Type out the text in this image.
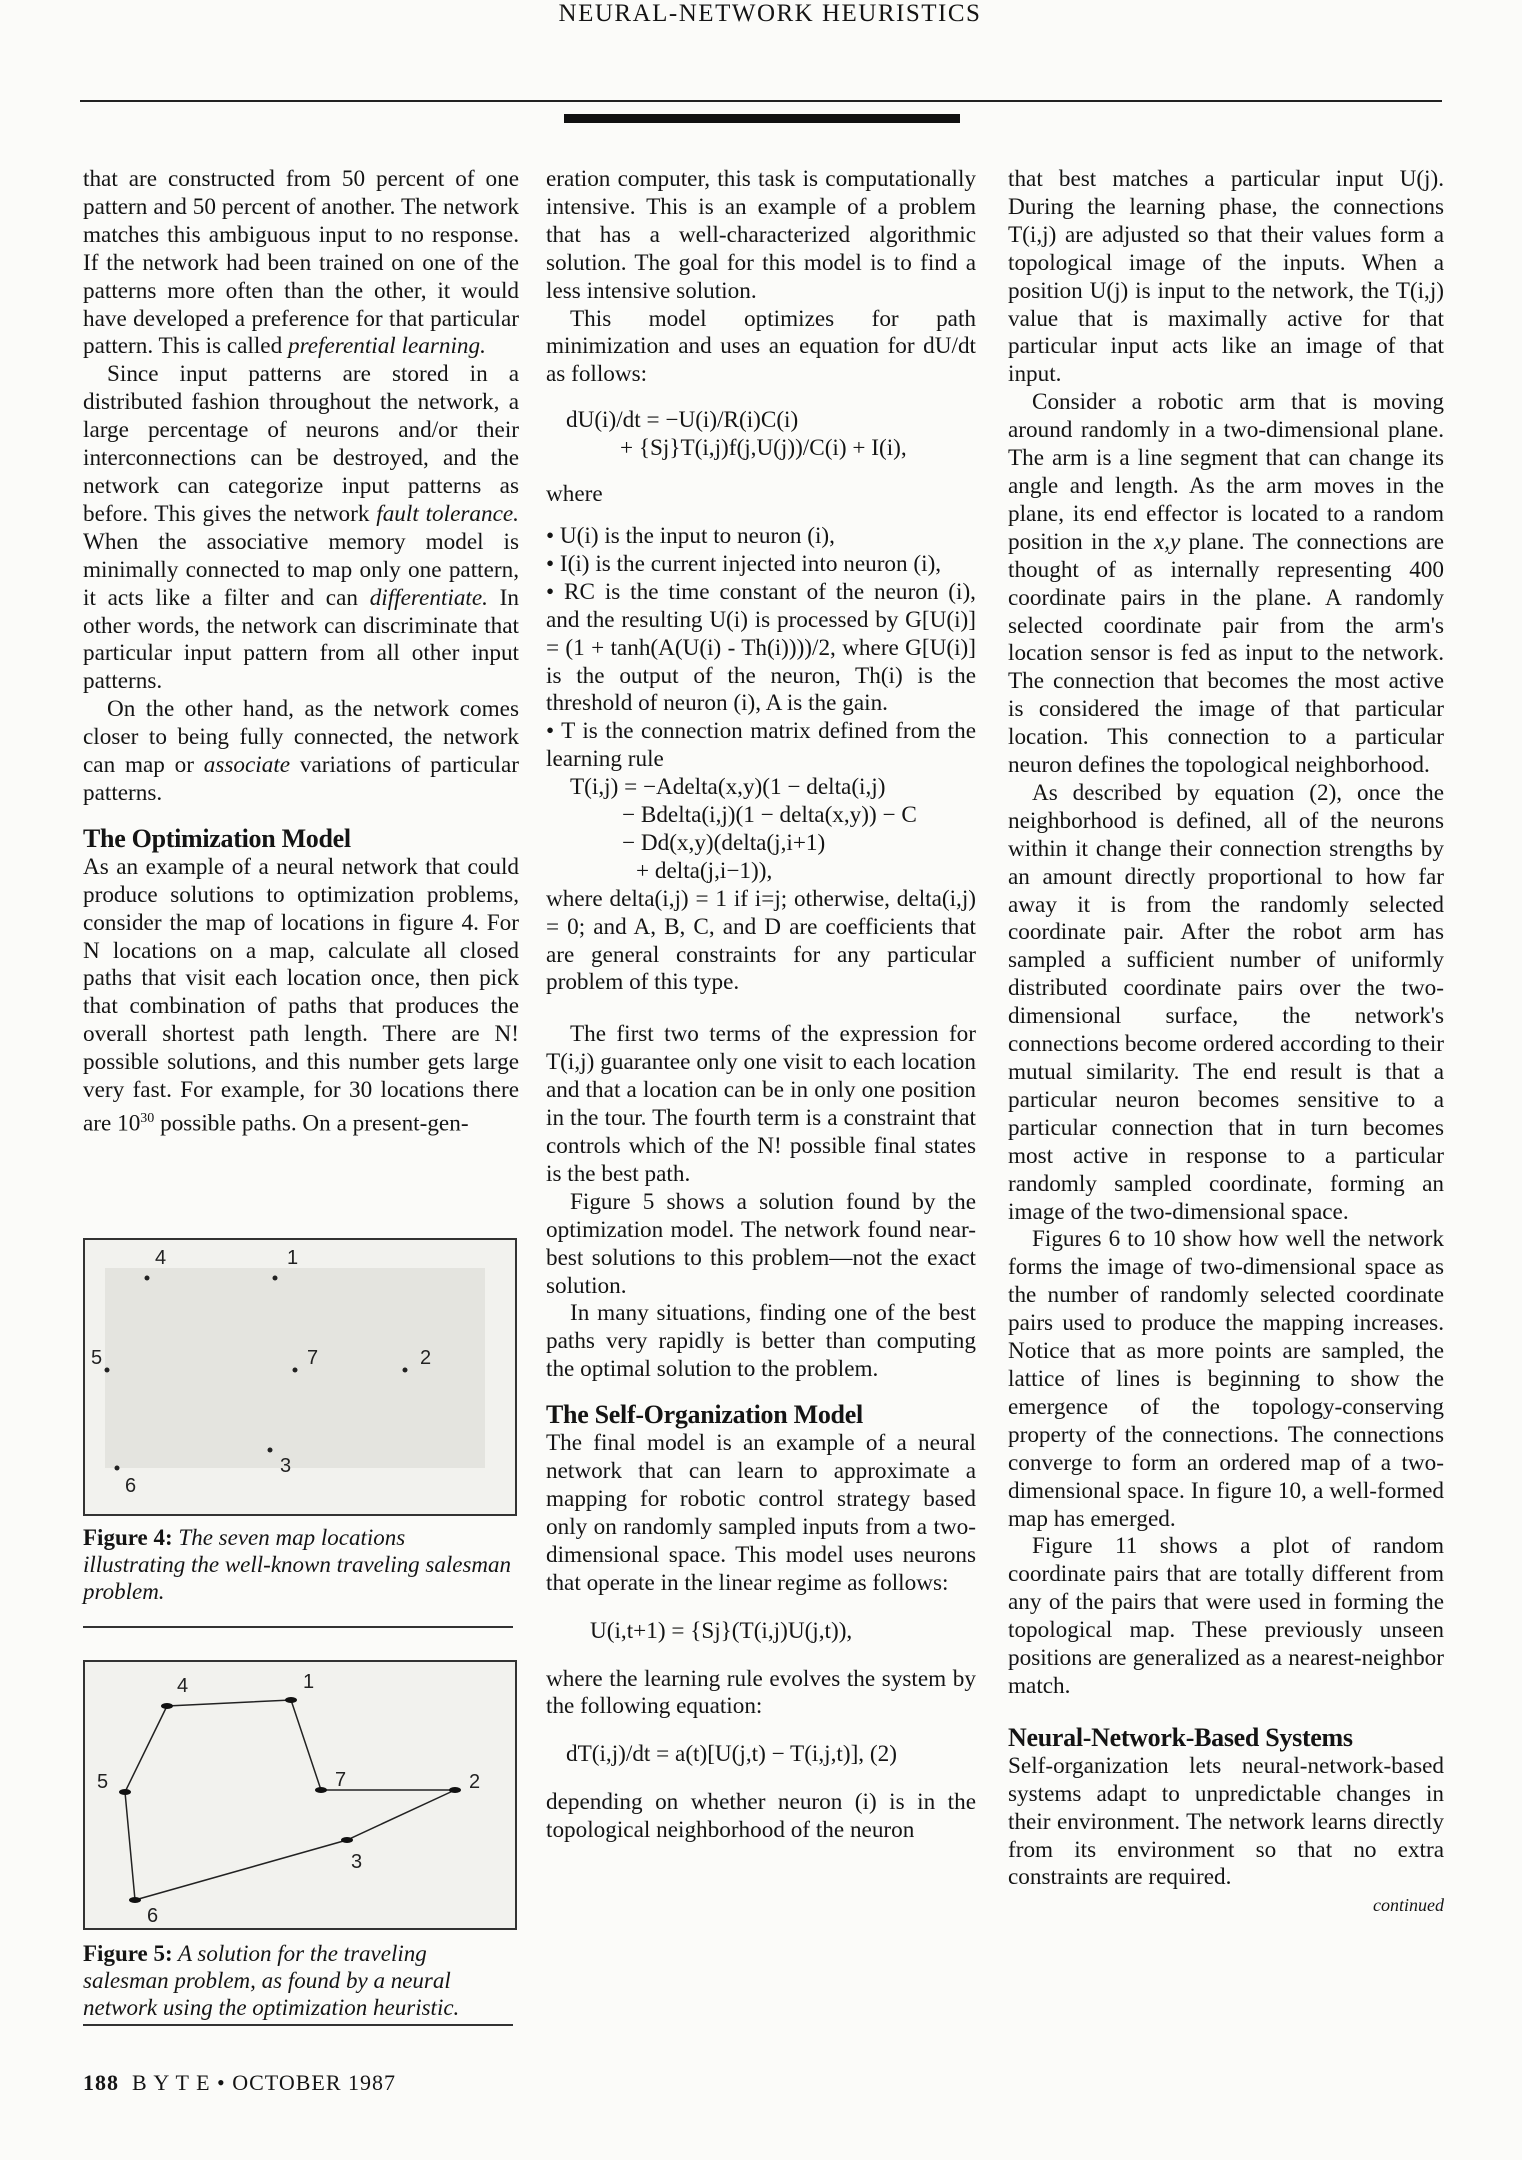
NEURAL-NETWORK HEURISTICS

that are constructed from 50 percent of one pattern and 50 percent of another. The network matches this ambiguous input to no response. If the network had been trained on one of the patterns more often than the other, it would have developed a preference for that particular pattern. This is called preferential learning.

Since input patterns are stored in a distributed fashion throughout the network, a large percentage of neurons and/or their interconnections can be destroyed, and the network can categorize input patterns as before. This gives the network fault tolerance. When the associative memory model is minimally connected to map only one pattern, it acts like a filter and can differentiate. In other words, the network can discriminate that particular input pattern from all other input patterns.

On the other hand, as the network comes closer to being fully connected, the network can map or associate variations of particular patterns.

The Optimization Model

As an example of a neural network that could produce solutions to optimization problems, consider the map of locations in figure 4. For N locations on a map, calculate all closed paths that visit each location once, then pick that combination of paths that produces the overall shortest path length. There are N! possible solutions, and this number gets large very fast. For example, for 30 locations there are $10^{30}$ possible paths. On a present-gen-

4	1
5	7	2
3
6
Figure 4: The seven map locations illustrating the well-known traveling salesman problem.
4	1
5	7	2
3
6
Figure 5: A solution for the traveling salesman problem, as found by a neural network using the optimization heuristic.

eration computer, this task is computationally intensive. This is an example of a problem that has a well-characterized algorithmic solution. The goal for this model is to find a less intensive solution.

This model optimizes for path minimization and uses an equation for dU/dt as follows:

dU(i)/dt = −U(i)/R(i)C(i)

+ {Sj}T(i,j)f(j,U(j))/C(i) + I(i),

where

• U(i) is the input to neuron (i),

• I(i) is the current injected into neuron (i),

• RC is the time constant of the neuron (i), and the resulting U(i) is processed by G[U(i)] = (1 + tanh(A(U(i) - Th(i))))/2, where G[U(i)] is the output of the neuron, Th(i) is the threshold of neuron (i), A is the gain.

• T is the connection matrix defined from the learning rule

T(i,j) = −Adelta(x,y)(1 − delta(i,j)

− Bdelta(i,j)(1 − delta(x,y)) − C

− Dd(x,y)(delta(j,i+1)

+ delta(j,i−1)),

where delta(i,j) = 1 if i=j; otherwise, delta(i,j) = 0; and A, B, C, and D are coefficients that are general constraints for any particular problem of this type.

The first two terms of the expression for T(i,j) guarantee only one visit to each location and that a location can be in only one position in the tour. The fourth term is a constraint that controls which of the N! possible final states is the best path.

Figure 5 shows a solution found by the optimization model. The network found near-best solutions to this problem—not the exact solution.

In many situations, finding one of the best paths very rapidly is better than computing the optimal solution to the problem.

The Self-Organization Model

The final model is an example of a neural network that can learn to approximate a mapping for robotic control strategy based only on randomly sampled inputs from a two-dimensional space. This model uses neurons that operate in the linear regime as follows:

U(i,t+1) = {Sj}(T(i,j)U(j,t)),

where the learning rule evolves the system by the following equation:

dT(i,j)/dt = a(t)[U(j,t) − T(i,j,t)], (2)

depending on whether neuron (i) is in the topological neighborhood of the neuron

that best matches a particular input U(j). During the learning phase, the connections T(i,j) are adjusted so that their values form a topological image of the inputs. When a position U(j) is input to the network, the T(i,j) value that is maximally active for that particular input acts like an image of that input.

Consider a robotic arm that is moving around randomly in a two-dimensional plane. The arm is a line segment that can change its angle and length. As the arm moves in the plane, its end effector is located to a random position in the x,y plane. The connections are thought of as internally representing 400 coordinate pairs in the plane. A randomly selected coordinate pair from the arm's location sensor is fed as input to the network. The connection that becomes the most active is considered the image of that particular location. This connection to a particular neuron defines the topological neighborhood.

As described by equation (2), once the neighborhood is defined, all of the neurons within it change their connection strengths by an amount directly proportional to how far away it is from the randomly selected coordinate pair. After the robot arm has sampled a sufficient number of uniformly distributed coordinate pairs over the two-dimensional surface, the network's connections become ordered according to their mutual similarity. The end result is that a particular neuron becomes sensitive to a particular connection that in turn becomes most active in response to a particular randomly sampled coordinate, forming an image of the two-dimensional space.

Figures 6 to 10 show how well the network forms the image of two-dimensional space as the number of randomly selected coordinate pairs used to produce the mapping increases. Notice that as more points are sampled, the lattice of lines is beginning to show the emergence of the topology-conserving property of the connections. The connections converge to form an ordered map of a two-dimensional space. In figure 10, a well-formed map has emerged.

Figure 11 shows a plot of random coordinate pairs that are totally different from any of the pairs that were used in forming the topological map. These previously unseen positions are generalized as a nearest-neighbor match.

Neural-Network-Based Systems

Self-organization lets neural-network-based systems adapt to unpredictable changes in their environment. The network learns directly from its environment so that no extra constraints are required.

continued

188 B Y T E • OCTOBER 1987
